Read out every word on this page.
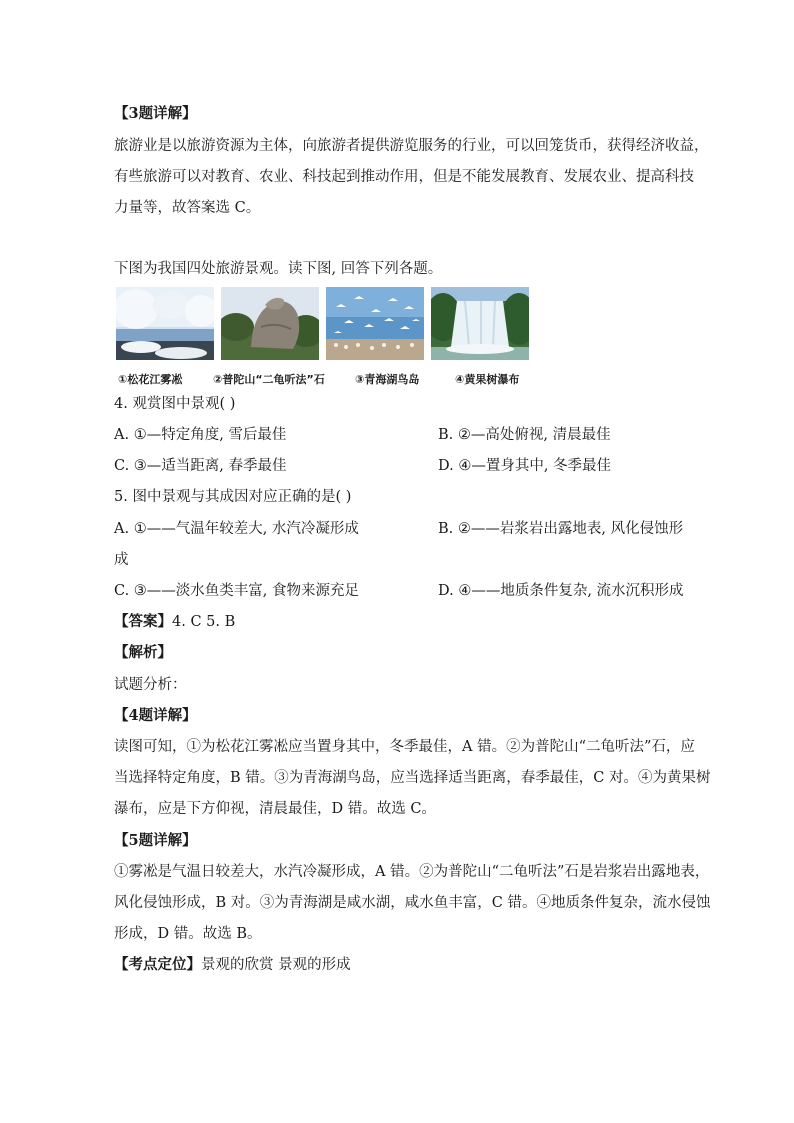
【3题详解】
旅游业是以旅游资源为主体，向旅游者提供游览服务的行业，可以回笼货币，获得经济收益，
有些旅游可以对教育、农业、科技起到推动作用，但是不能发展教育、发展农业、提高科技
力量等，故答案选 C。
下图为我国四处旅游景观。读下图, 回答下列各题。
①松花江雾凇	②普陀山“二龟听法”石	③青海湖鸟岛	④黄果树瀑布
4. 观赏图中景观( )
A. ①—特定角度, 雪后最佳	B. ②—高处俯视, 清晨最佳
C. ③—适当距离, 春季最佳	D. ④—置身其中, 冬季最佳
5. 图中景观与其成因对应正确的是( )
A. ①——气温年较差大, 水汽冷凝形成	B. ②——岩浆岩出露地表, 风化侵蚀形
成
C. ③——淡水鱼类丰富, 食物来源充足	D. ④——地质条件复杂, 流水沉积形成
【答案】4. C 5. B
【解析】
试题分析：
【4题详解】
读图可知，①为松花江雾凇应当置身其中，冬季最佳，A 错。②为普陀山“二龟听法”石，应
当选择特定角度，B 错。③为青海湖鸟岛，应当选择适当距离，春季最佳，C 对。④为黄果树
瀑布，应是下方仰视，清晨最佳，D 错。故选 C。
【5题详解】
①雾凇是气温日较差大，水汽冷凝形成，A 错。②为普陀山“二龟听法”石是岩浆岩出露地表，
风化侵蚀形成，B 对。③为青海湖是咸水湖，咸水鱼丰富，C 错。④地质条件复杂，流水侵蚀
形成，D 错。故选 B。
【考点定位】景观的欣赏 景观的形成
